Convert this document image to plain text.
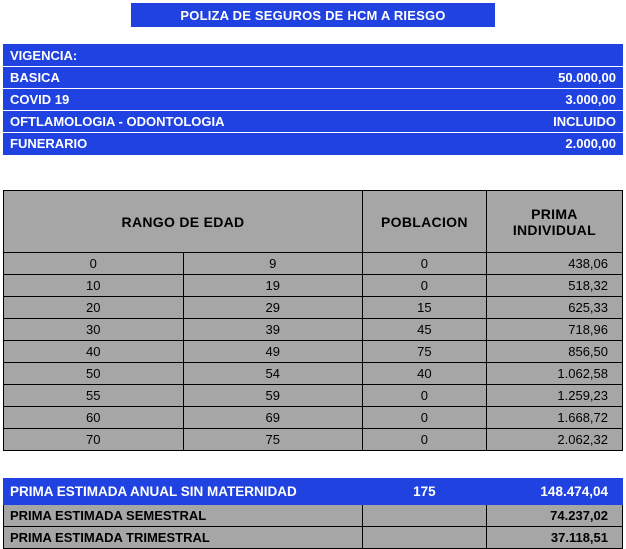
POLIZA DE SEGUROS DE HCM A RIESGO
VIGENCIA:	
BASICA	50.000,00
COVID 19	3.000,00
OFTLAMOLOGIA - ODONTOLOGIA	INCLUIDO
FUNERARIO	2.000,00
RANGO DE EDAD		POBLACION	PRIMA
INDIVIDUAL

0	9	0	438,06
10	19	0	518,32
20	29	15	625,33
30	39	45	718,96
40	49	75	856,50
50	54	40	1.062,58
55	59	0	1.259,23
60	69	0	1.668,72
70	75	0	2.062,32
PRIMA ESTIMADA ANUAL SIN MATERNIDAD	175	148.474,04
PRIMA ESTIMADA SEMESTRAL		74.237,02
PRIMA ESTIMADA TRIMESTRAL		37.118,51
